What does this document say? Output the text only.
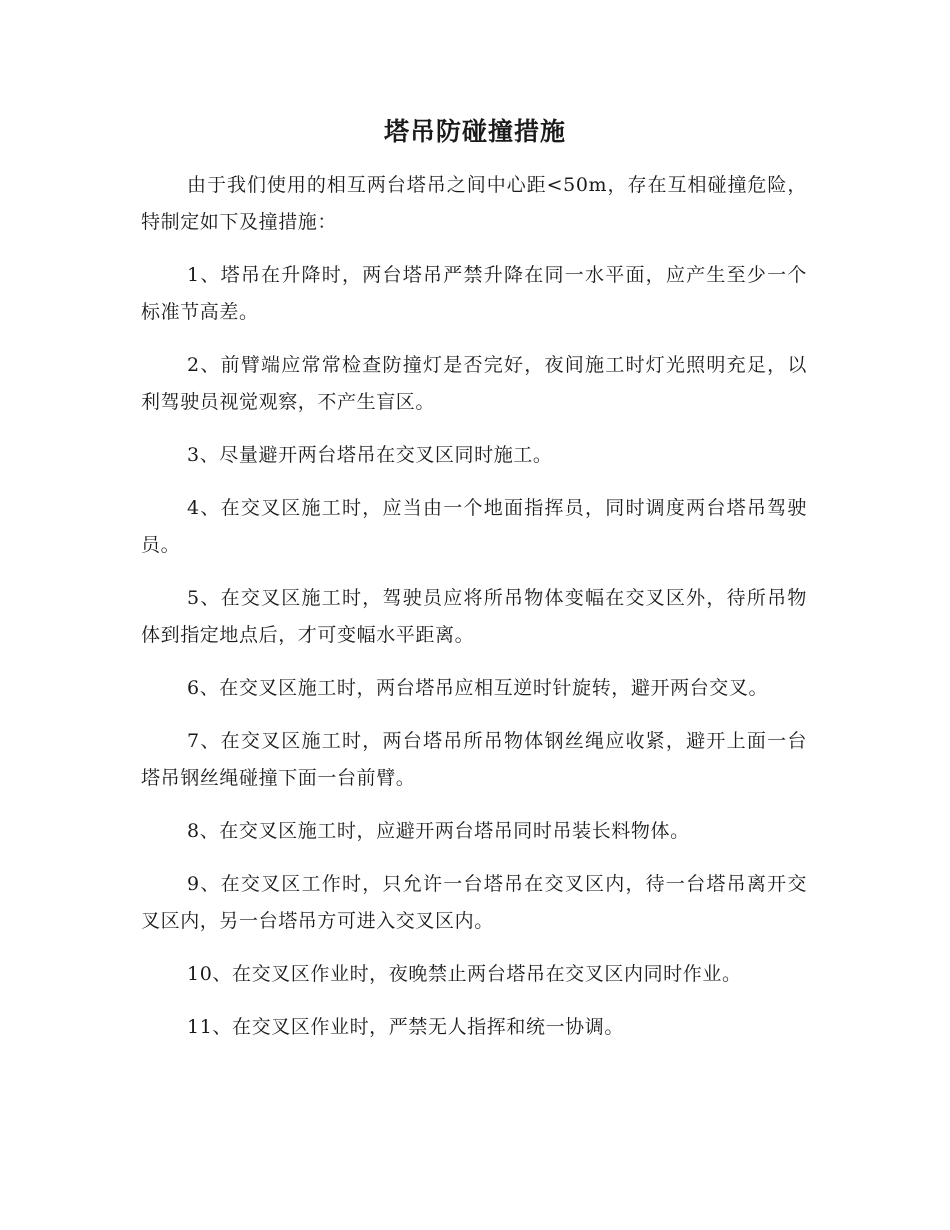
塔吊防碰撞措施

由于我们使用的相互两台塔吊之间中心距<50m，存在互相碰撞危险，特制定如下及撞措施：

1、塔吊在升降时，两台塔吊严禁升降在同一水平面，应产生至少一个标准节高差。

2、前臂端应常常检查防撞灯是否完好，夜间施工时灯光照明充足，以利驾驶员视觉观察，不产生盲区。

3、尽量避开两台塔吊在交叉区同时施工。

4、在交叉区施工时，应当由一个地面指挥员，同时调度两台塔吊驾驶员。

5、在交叉区施工时，驾驶员应将所吊物体变幅在交叉区外，待所吊物体到指定地点后，才可变幅水平距离。

6、在交叉区施工时，两台塔吊应相互逆时针旋转，避开两台交叉。

7、在交叉区施工时，两台塔吊所吊物体钢丝绳应收紧，避开上面一台塔吊钢丝绳碰撞下面一台前臂。

8、在交叉区施工时，应避开两台塔吊同时吊装长料物体。

9、在交叉区工作时，只允许一台塔吊在交叉区内，待一台塔吊离开交叉区内，另一台塔吊方可进入交叉区内。

10、在交叉区作业时，夜晚禁止两台塔吊在交叉区内同时作业。

11、在交叉区作业时，严禁无人指挥和统一协调。
